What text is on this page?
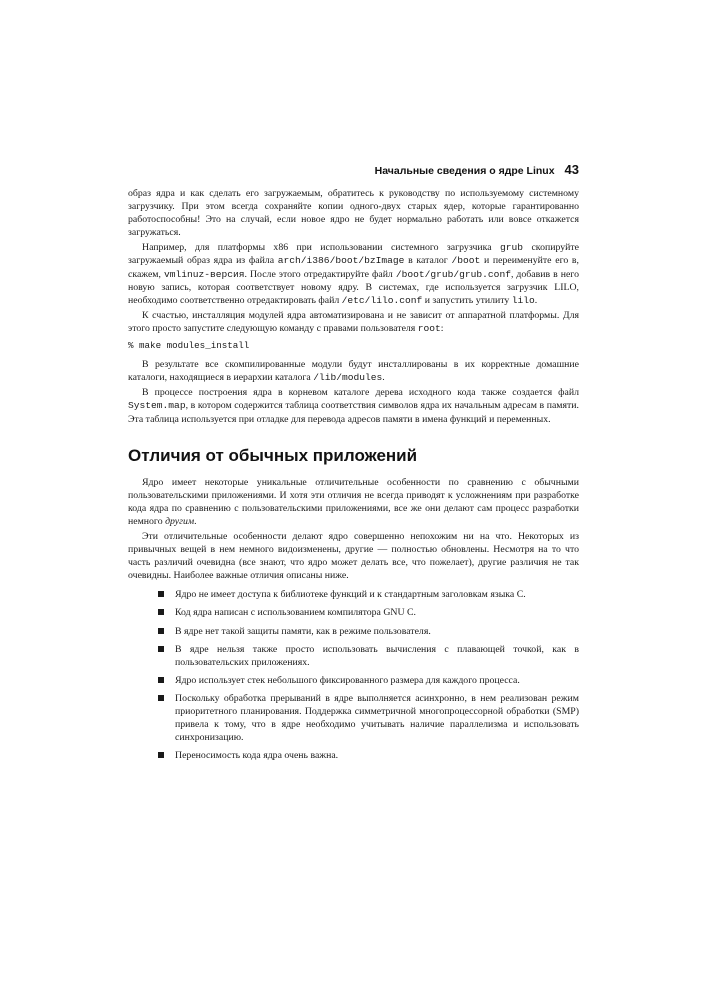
Начальные сведения о ядре Linux 43

образ ядра и как сделать его загружаемым, обратитесь к руководству по используемому системному загрузчику. При этом всегда сохраняйте копии одного-двух старых ядер, которые гарантированно работоспособны! Это на случай, если новое ядро не будет нормально работать или вовсе откажется загружаться.

Например, для платформы x86 при использовании системного загрузчика grub скопируйте загружаемый образ ядра из файла arch/i386/boot/bzImage в каталог /boot и переименуйте его в, скажем, vmlinuz-версия. После этого отредактируйте файл /boot/grub/grub.conf, добавив в него новую запись, которая соответствует новому ядру. В системах, где используется загрузчик LILO, необходимо соответственно отредактировать файл /etc/lilo.conf и запустить утилиту lilo.

К счастью, инсталляция модулей ядра автоматизирована и не зависит от аппаратной платформы. Для этого просто запустите следующую команду с правами пользователя root:

% make modules_install

В результате все скомпилированные модули будут инсталлированы в их корректные домашние каталоги, находящиеся в иерархии каталога /lib/modules.

В процессе построения ядра в корневом каталоге дерева исходного кода также создается файл System.map, в котором содержится таблица соответствия символов ядра их начальным адресам в памяти. Эта таблица используется при отладке для перевода адресов памяти в имена функций и переменных.

Отличия от обычных приложений

Ядро имеет некоторые уникальные отличительные особенности по сравнению с обычными пользовательскими приложениями. И хотя эти отличия не всегда приводят к усложнениям при разработке кода ядра по сравнению с пользовательскими приложениями, все же они делают сам процесс разработки немного другим.

Эти отличительные особенности делают ядро совершенно непохожим ни на что. Некоторых из привычных вещей в нем немного видоизменены, другие — полностью обновлены. Несмотря на то что часть различий очевидна (все знают, что ядро может делать все, что пожелает), другие различия не так очевидны. Наиболее важные отличия описаны ниже.

Ядро не имеет доступа к библиотеке функций и к стандартным заголовкам языка С.
Код ядра написан с использованием компилятора GNU С.
В ядре нет такой защиты памяти, как в режиме пользователя.
В ядре нельзя также просто использовать вычисления с плавающей точкой, как в пользовательских приложениях.
Ядро использует стек небольшого фиксированного размера для каждого процесса.
Поскольку обработка прерываний в ядре выполняется асинхронно, в нем реализован режим приоритетного планирования. Поддержка симметричной многопроцессорной обработки (SMP) привела к тому, что в ядре необходимо учитывать наличие параллелизма и использовать синхронизацию.
Переносимость кода ядра очень важна.
